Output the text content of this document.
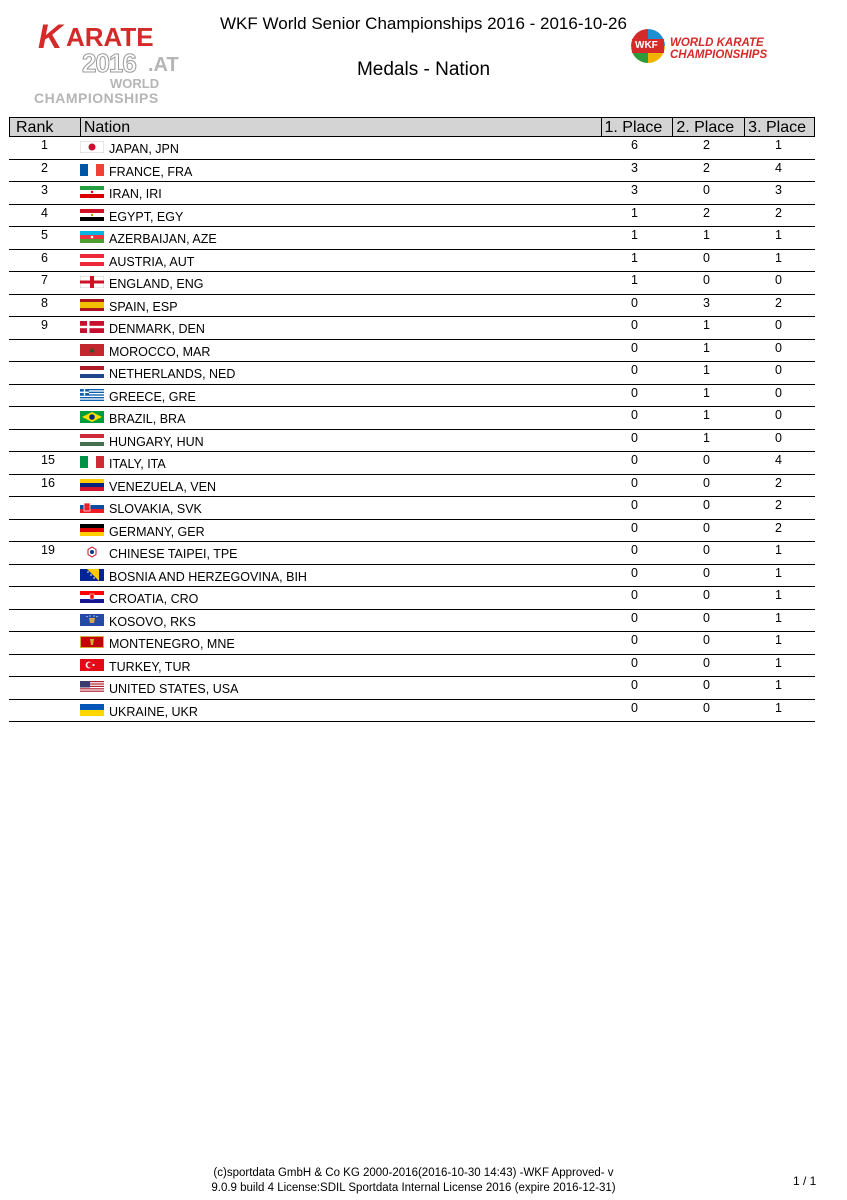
K ARATE
2016 .AT
WORLD
CHAMPIONSHIPS
WKF World Senior Championships 2016 - 2016-10-26
Medals - Nation
WKF WORLD KARATE
CHAMPIONSHIPS
Rank	Nation	1. Place 2. Place 3. Place
1	JAPAN, JPN	6	2	1
2	FRANCE, FRA	3	2	4
3	IRAN, IRI	3	0	3
4	EGYPT, EGY	1	2	2
5	AZERBAIJAN, AZE	1	1	1
6	AUSTRIA, AUT	1	0	1
7	ENGLAND, ENG	1	0	0
8	SPAIN, ESP	0	3	2
9	DENMARK, DEN	0	1	0
✶ MOROCCO, MAR	0	1	0
NETHERLANDS, NED	0	1	0
GREECE, GRE	0	1	0
BRAZIL, BRA	0	1	0
HUNGARY, HUN	0	1	0
15	ITALY, ITA	0	0	4
16	VENEZUELA, VEN	0	0	2
SLOVAKIA, SVK	0	0	2
GERMANY, GER	0	0	2
19	CHINESE TAIPEI, TPE	0	0	1
BOSNIA AND HERZEGOVINA, BIH	0	0	1
CROATIA, CRO	0	0	1
KOSOVO, RKS	0	0	1
MONTENEGRO, MNE	0	0	1
TURKEY, TUR	0	0	1
UNITED STATES, USA	0	0	1
UKRAINE, UKR	0	0	1
(c)sportdata GmbH & Co KG 2000-2016(2016-10-30 14:43) -WKF Approved- v
9.0.9 build 4 License:SDIL Sportdata Internal License 2016 (expire 2016-12-31)	1 / 1
